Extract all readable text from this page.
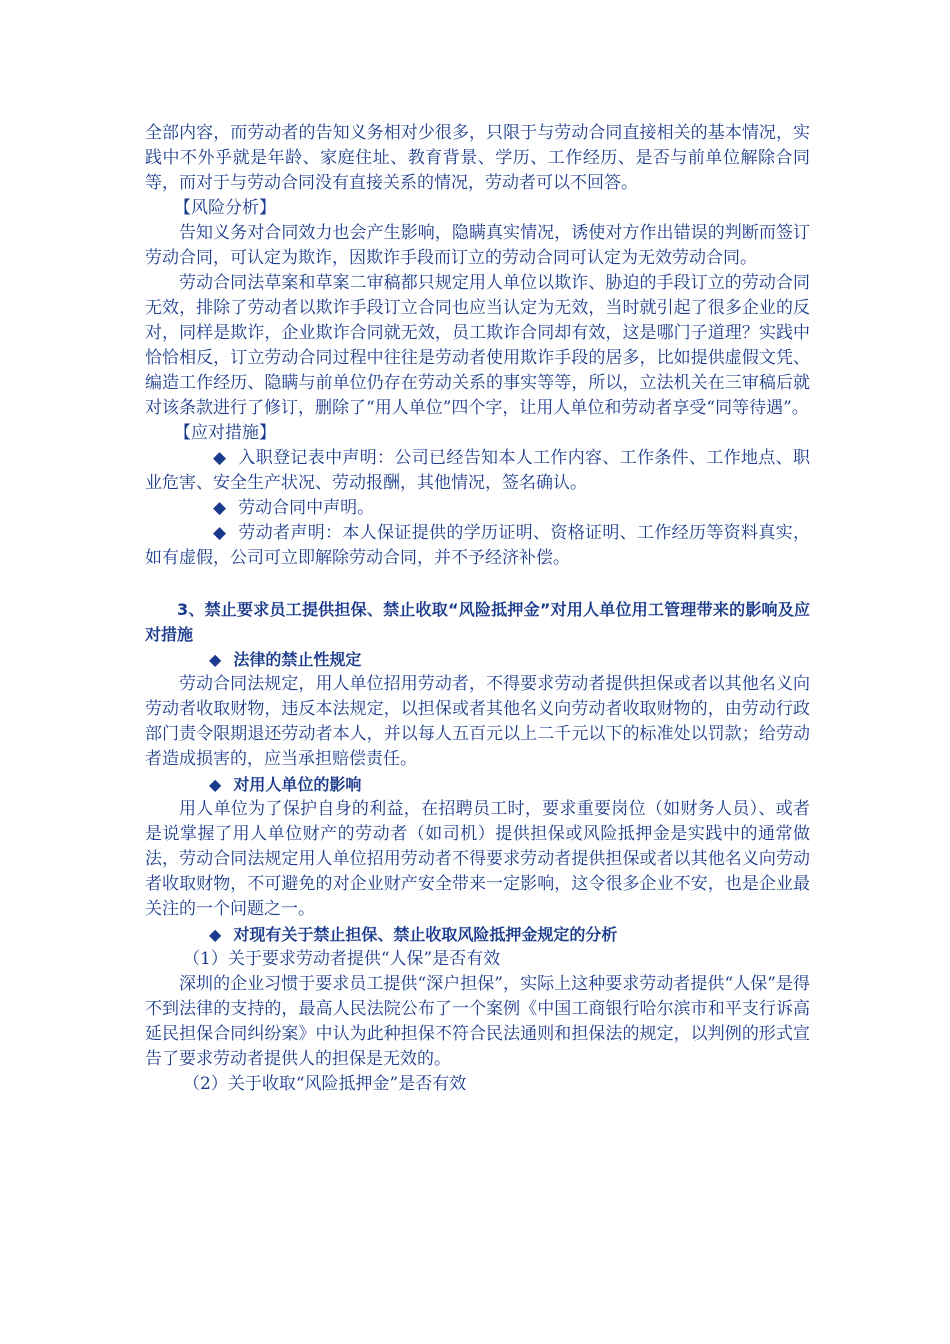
全部内容，而劳动者的告知义务相对少很多，只限于与劳动合同直接相关的基本情况，实践中不外乎就是年龄、家庭住址、教育背景、学历、工作经历、是否与前单位解除合同等，而对于与劳动合同没有直接关系的情况，劳动者可以不回答。

【风险分析】

告知义务对合同效力也会产生影响，隐瞒真实情况，诱使对方作出错误的判断而签订劳动合同，可认定为欺诈，因欺诈手段而订立的劳动合同可认定为无效劳动合同。

劳动合同法草案和草案二审稿都只规定用人单位以欺诈、胁迫的手段订立的劳动合同无效，排除了劳动者以欺诈手段订立合同也应当认定为无效，当时就引起了很多企业的反对，同样是欺诈，企业欺诈合同就无效，员工欺诈合同却有效，这是哪门子道理？实践中恰恰相反，订立劳动合同过程中往往是劳动者使用欺诈手段的居多，比如提供虚假文凭、编造工作经历、隐瞒与前单位仍存在劳动关系的事实等等，所以，立法机关在三审稿后就对该条款进行了修订，删除了“用人单位”四个字，让用人单位和劳动者享受“同等待遇”。

【应对措施】

◆ 入职登记表中声明：公司已经告知本人工作内容、工作条件、工作地点、职业危害、安全生产状况、劳动报酬，其他情况，签名确认。

◆ 劳动合同中声明。

◆ 劳动者声明：本人保证提供的学历证明、资格证明、工作经历等资料真实，如有虚假，公司可立即解除劳动合同，并不予经济补偿。

3、禁止要求员工提供担保、禁止收取“风险抵押金”对用人单位用工管理带来的影响及应对措施

◆ 法律的禁止性规定

劳动合同法规定，用人单位招用劳动者，不得要求劳动者提供担保或者以其他名义向劳动者收取财物，违反本法规定，以担保或者其他名义向劳动者收取财物的，由劳动行政部门责令限期退还劳动者本人，并以每人五百元以上二千元以下的标准处以罚款；给劳动者造成损害的，应当承担赔偿责任。

◆ 对用人单位的影响

用人单位为了保护自身的利益，在招聘员工时，要求重要岗位（如财务人员）、或者是说掌握了用人单位财产的劳动者（如司机）提供担保或风险抵押金是实践中的通常做法，劳动合同法规定用人单位招用劳动者不得要求劳动者提供担保或者以其他名义向劳动者收取财物，不可避免的对企业财产安全带来一定影响，这令很多企业不安，也是企业最关注的一个问题之一。

◆ 对现有关于禁止担保、禁止收取风险抵押金规定的分析

（1）关于要求劳动者提供“人保”是否有效

深圳的企业习惯于要求员工提供“深户担保”，实际上这种要求劳动者提供“人保”是得不到法律的支持的，最高人民法院公布了一个案例《中国工商银行哈尔滨市和平支行诉高延民担保合同纠纷案》中认为此种担保不符合民法通则和担保法的规定，以判例的形式宣告了要求劳动者提供人的担保是无效的。

（2）关于收取“风险抵押金”是否有效
